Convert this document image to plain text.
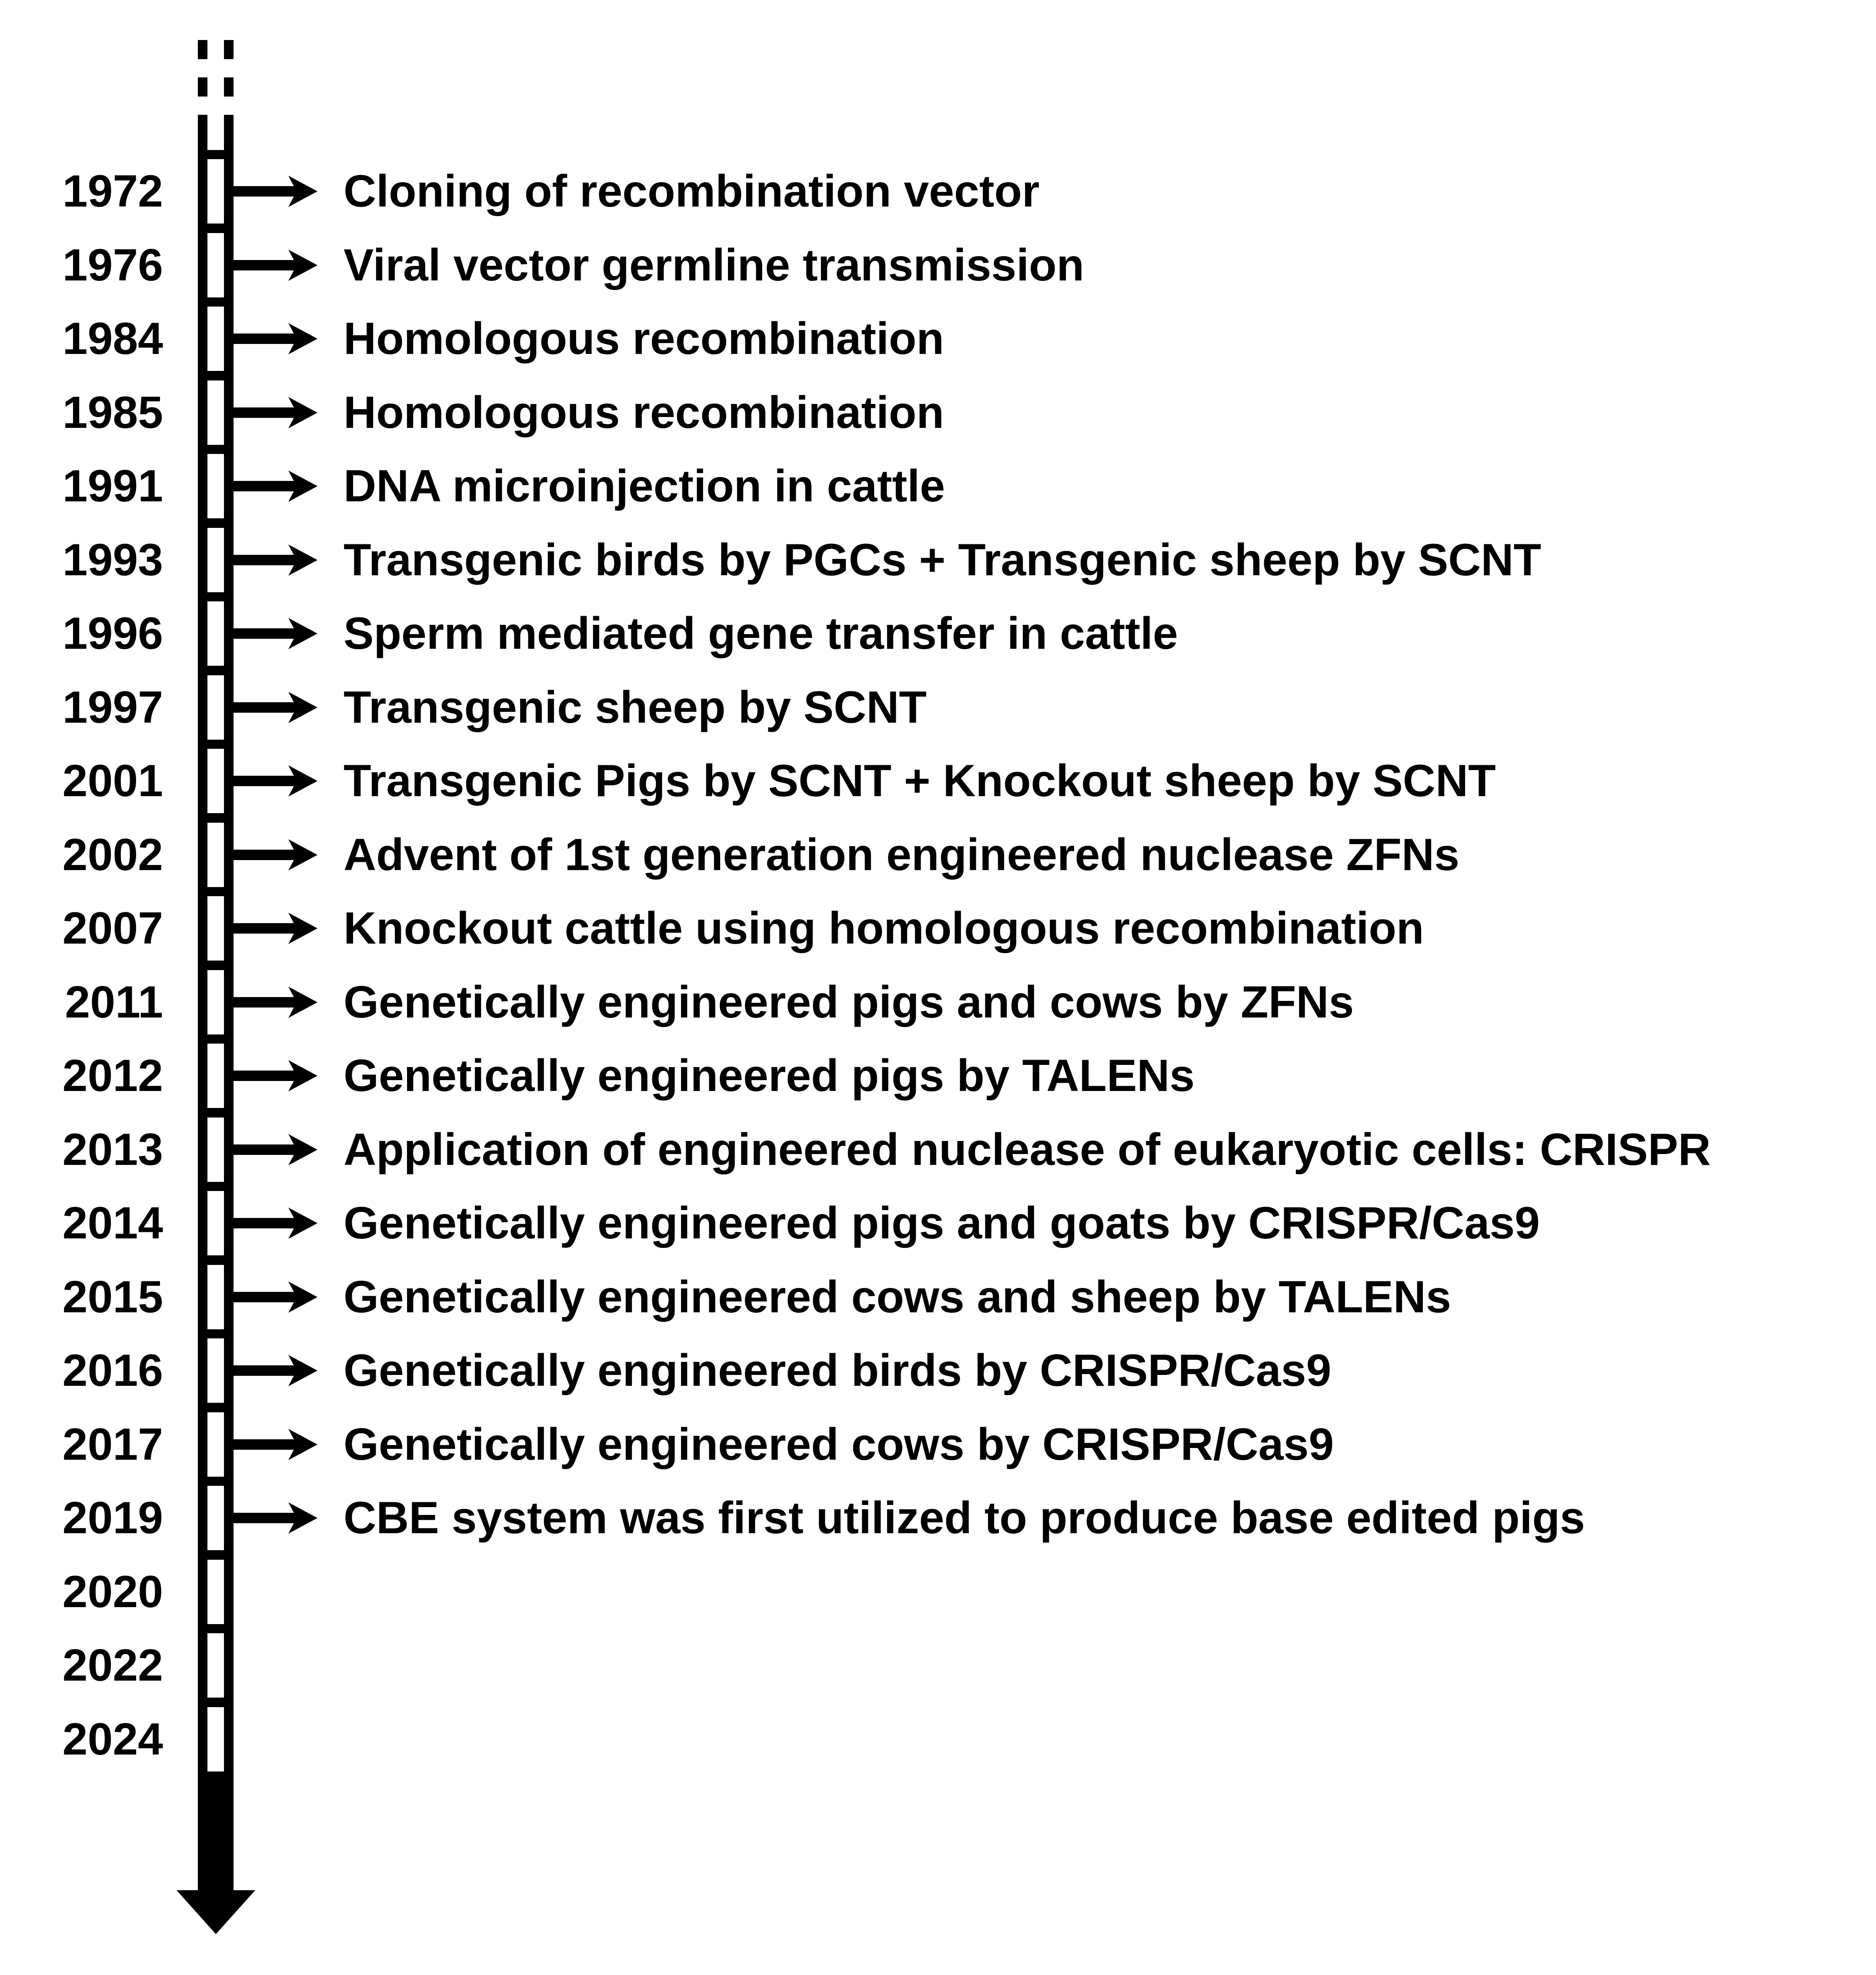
1972	Cloning of recombination vector
1976	Viral vector germline transmission
1984	Homologous recombination
1985	Homologous recombination
1991	DNA microinjection in cattle
1993	Transgenic birds by PGCs + Transgenic sheep by SCNT
1996	Sperm mediated gene transfer in cattle
1997	Transgenic sheep by SCNT
2001	Transgenic Pigs by SCNT + Knockout sheep by SCNT
2002	Advent of 1st generation engineered nuclease ZFNs
2007	Knockout cattle using homologous recombination
2011	Genetically engineered pigs and cows by ZFNs
2012	Genetically engineered pigs by TALENs
2013	Application of engineered nuclease of eukaryotic cells: CRISPR
2014	Genetically engineered pigs and goats by CRISPR/Cas9
2015	Genetically engineered cows and sheep by TALENs
2016	Genetically engineered birds by CRISPR/Cas9
2017	Genetically engineered cows by CRISPR/Cas9
2019	CBE system was first utilized to produce base edited pigs
2020
2022
2024
